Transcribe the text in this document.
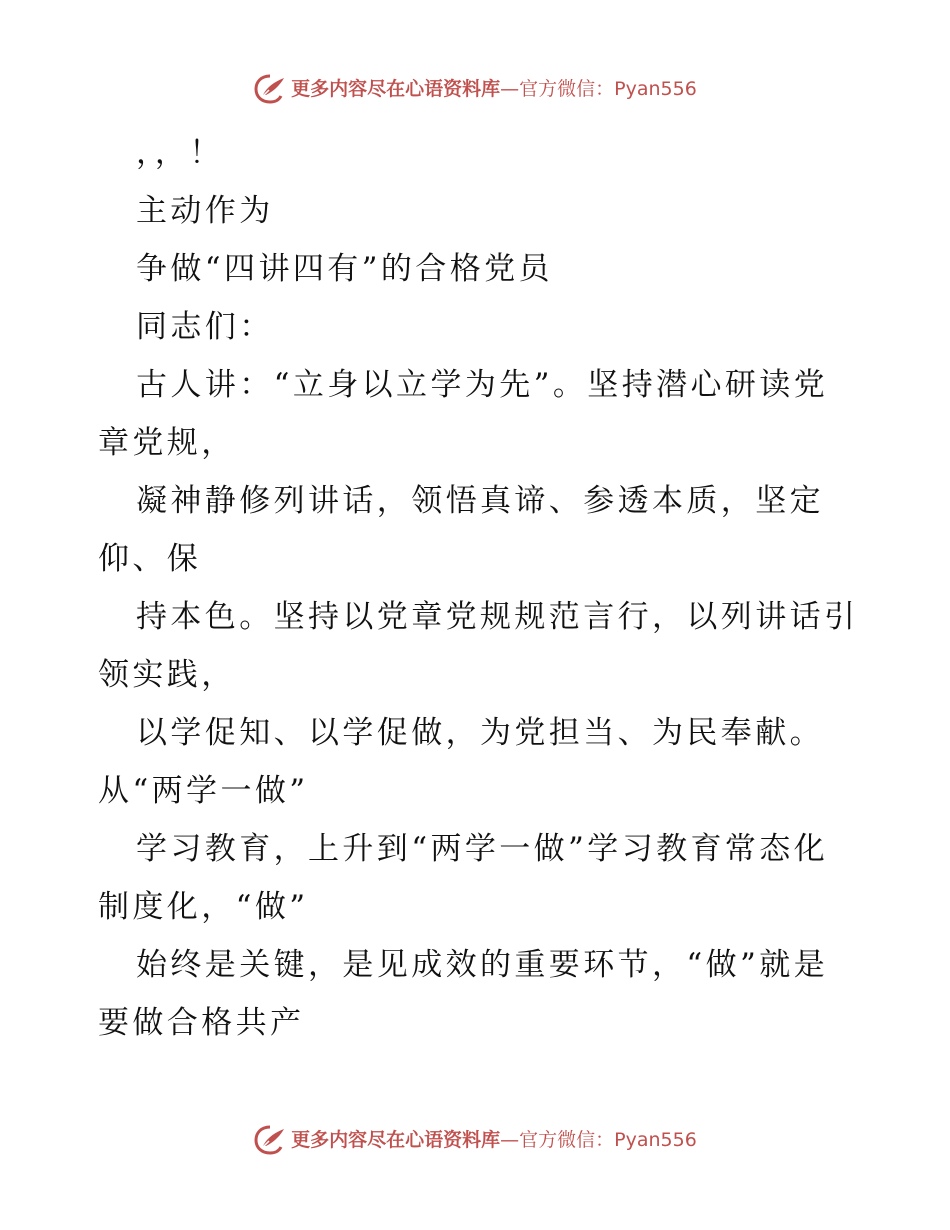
更多内容尽在心语资料库 — 官方微信：Pyan556
，，！
主动作为
争做“四讲四有”的合格党员
同志们：
古人讲：“立身以立学为先”。坚持潜心研读党
章党规，
凝神静修列讲话，领悟真谛、参透本质，坚定
仰、保
持本色。坚持以党章党规规范言行，以列讲话引
领实践，
以学促知、以学促做，为党担当、为民奉献。
从“两学一做”
学习教育，上升到“两学一做”学习教育常态化
制度化，“做”
始终是关键，是见成效的重要环节，“做”就是
要做合格共产
更多内容尽在心语资料库 — 官方微信：Pyan556
